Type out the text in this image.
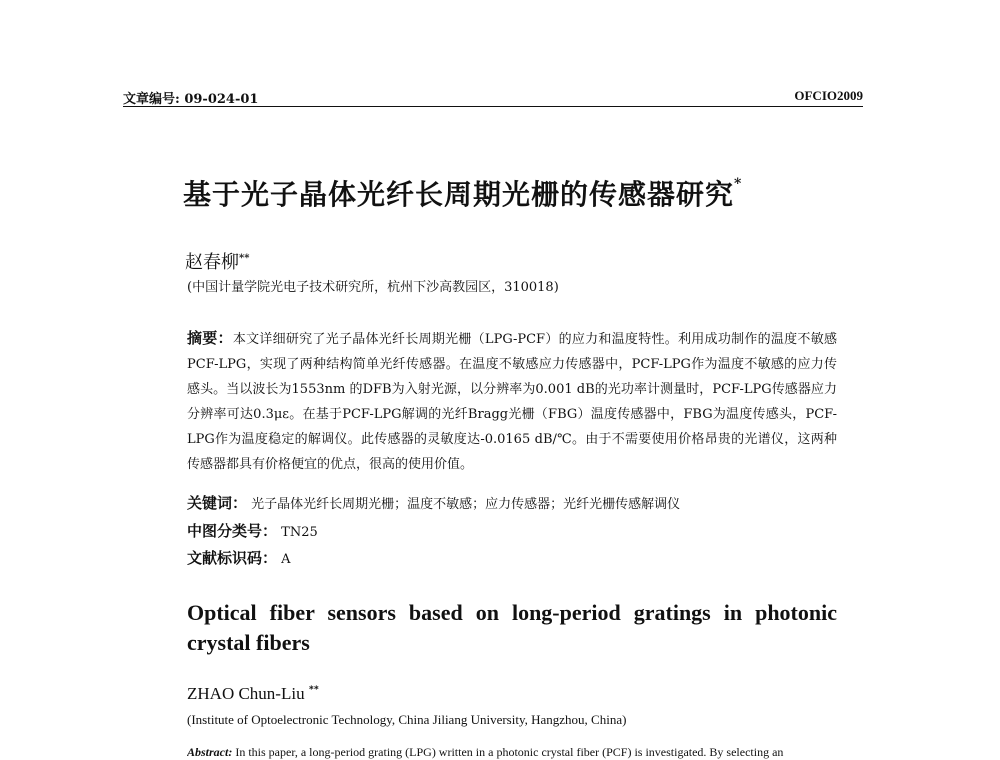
文章编号: 09-024-01	OFCIO2009
基于光子晶体光纤长周期光栅的传感器研究*
赵春柳**
(中国计量学院光电子技术研究所，杭州下沙高教园区，310018)
摘要：本文详细研究了光子晶体光纤长周期光栅（LPG-PCF）的应力和温度特性。利用成功制作的温度不敏感PCF-LPG，实现了两种结构简单光纤传感器。在温度不敏感应力传感器中，PCF-LPG作为温度不敏感的应力传感头。当以波长为1553nm 的DFB为入射光源，以分辨率为0.001 dB的光功率计测量时，PCF-LPG传感器应力分辨率可达0.3με。在基于PCF-LPG解调的光纤Bragg光栅（FBG）温度传感器中，FBG为温度传感头，PCF-LPG作为温度稳定的解调仪。此传感器的灵敏度达-0.0165 dB/℃。由于不需要使用价格昂贵的光谱仪，这两种传感器都具有价格便宜的优点，很高的使用价值。
关键词： 光子晶体光纤长周期光栅；温度不敏感；应力传感器；光纤光栅传感解调仪
中图分类号： TN25
文献标识码： A
Optical fiber sensors based on long-period gratings in photonic crystal fibers
ZHAO Chun-Liu **
(Institute of Optoelectronic Technology, China Jiliang University, Hangzhou, China)
Abstract: In this paper, a long-period grating (LPG) written in a photonic crystal fiber (PCF) is investigated. By selecting an
